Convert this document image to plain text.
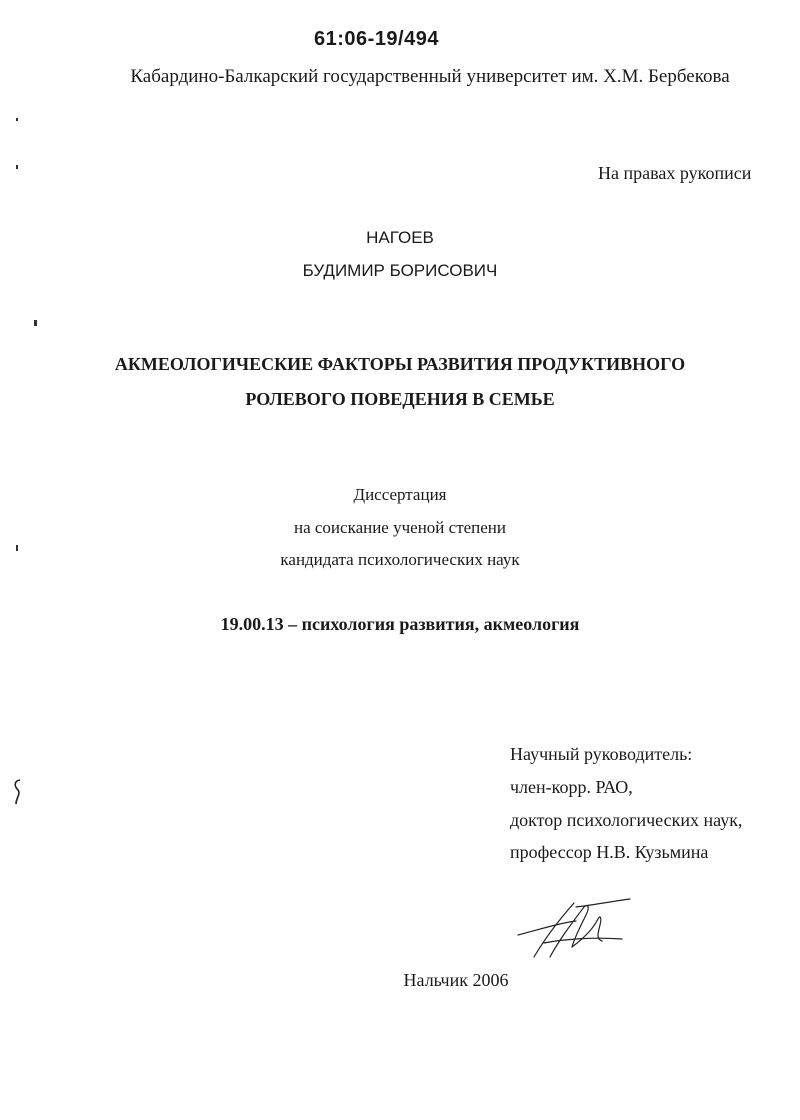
61:06-19/494
Кабардино-Балкарский государственный университет им. Х.М. Бербекова
На правах рукописи
НАГОЕВ
БУДИМИР БОРИСОВИЧ
АКМЕОЛОГИЧЕСКИЕ ФАКТОРЫ РАЗВИТИЯ ПРОДУКТИВНОГО
РОЛЕВОГО ПОВЕДЕНИЯ В СЕМЬЕ
Диссертация
на соискание ученой степени
кандидата психологических наук
19.00.13 – психология развития, акмеология
Научный руководитель:
член-корр. РАО,
доктор психологических наук,
профессор Н.В. Кузьмина
Нальчик 2006
